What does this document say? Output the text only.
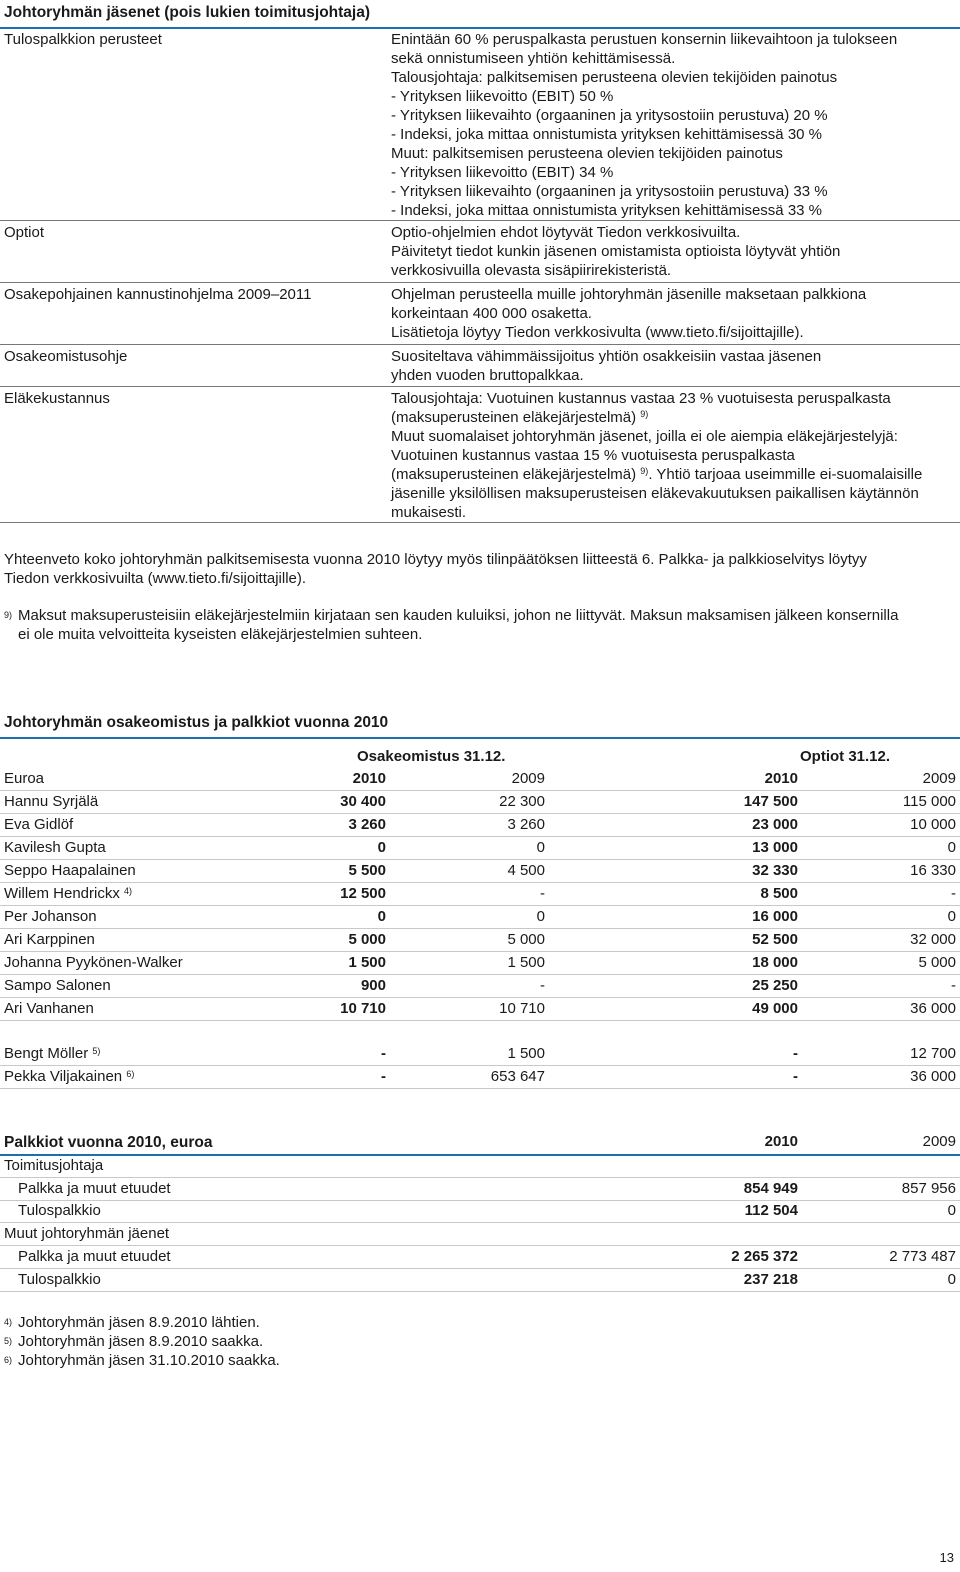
Johtoryhmän jäsenet (pois lukien toimitusjohtaja)
Tulospalkkion perusteet	Enintään 60 % peruspalkasta perustuen konsernin liikevaihtoon ja tulokseen
sekä onnistumiseen yhtiön kehittämisessä.
Talousjohtaja: palkitsemisen perusteena olevien tekijöiden painotus
- Yrityksen liikevoitto (EBIT) 50 %
- Yrityksen liikevaihto (orgaaninen ja yritysostoiin perustuva) 20 %
- Indeksi, joka mittaa onnistumista yrityksen kehittämisessä 30 %
Muut: palkitsemisen perusteena olevien tekijöiden painotus
- Yrityksen liikevoitto (EBIT) 34 %
- Yrityksen liikevaihto (orgaaninen ja yritysostoiin perustuva) 33 %
- Indeksi, joka mittaa onnistumista yrityksen kehittämisessä 33 %
Optiot	Optio-ohjelmien ehdot löytyvät Tiedon verkkosivuilta.
Päivitetyt tiedot kunkin jäsenen omistamista optioista löytyvät yhtiön
verkkosivuilla olevasta sisäpiirirekisteristä.
Osakepohjainen kannustinohjelma 2009–2011	Ohjelman perusteella muille johtoryhmän jäsenille maksetaan palkkiona
korkeintaan 400 000 osaketta.
Lisätietoja löytyy Tiedon verkkosivulta (www.tieto.fi/sijoittajille).
Osakeomistusohje	Suositeltava vähimmäissijoitus yhtiön osakkeisiin vastaa jäsenen
yhden vuoden bruttopalkkaa.
Eläkekustannus	Talousjohtaja: Vuotuinen kustannus vastaa 23 % vuotuisesta peruspalkasta
(maksuperusteinen eläkejärjestelmä) $^{9)}$
Muut suomalaiset johtoryhmän jäsenet, joilla ei ole aiempia eläkejärjestelyjä:
Vuotuinen kustannus vastaa 15 % vuotuisesta peruspalkasta
(maksuperusteinen eläkejärjestelmä) $^{9)}$. Yhtiö tarjoaa useimmille ei-suomalaisille
jäsenille yksilöllisen maksuperusteisen eläkevakuutuksen paikallisen käytännön
mukaisesti.
Yhteenveto koko johtoryhmän palkitsemisesta vuonna 2010 löytyy myös tilinpäätöksen liitteestä 6. Palkka- ja palkkioselvitys löytyy
Tiedon verkkosivuilta (www.tieto.fi/sijoittajille).
9) Maksut maksuperusteisiin eläkejärjestelmiin kirjataan sen kauden kuluiksi, johon ne liittyvät. Maksun maksamisen jälkeen konsernilla
ei ole muita velvoitteita kyseisten eläkejärjestelmien suhteen.
Johtoryhmän osakeomistus ja palkkiot vuonna 2010
Osakeomistus 31.12.	Optiot 31.12.
Euroa	2010	2009	2010	2009
Hannu Syrjälä	30 400	22 300	147 500	115 000
Eva Gidlöf	3 260	3 260	23 000	10 000
Kavilesh Gupta	0	0	13 000	0
Seppo Haapalainen	5 500	4 500	32 330	16 330
Willem Hendrickx $^{4)}$	12 500	-	8 500	-
Per Johanson	0	0	16 000	0
Ari Karppinen	5 000	5 000	52 500	32 000
Johanna Pyykönen-Walker	1 500	1 500	18 000	5 000
Sampo Salonen	900	-	25 250	-
Ari Vanhanen	10 710	10 710	49 000	36 000
Bengt Möller $^{5)}$	-	1 500	-	12 700
Pekka Viljakainen $^{6)}$	-	653 647	-	36 000
Palkkiot vuonna 2010, euroa	2010	2009
Toimitusjohtaja
Palkka ja muut etuudet	854 949	857 956
Tulospalkkio	112 504	0
Muut johtoryhmän jäenet
Palkka ja muut etuudet	2 265 372	2 773 487
Tulospalkkio	237 218	0
4) Johtoryhmän jäsen 8.9.2010 lähtien.
5) Johtoryhmän jäsen 8.9.2010 saakka.
6) Johtoryhmän jäsen 31.10.2010 saakka.
13
